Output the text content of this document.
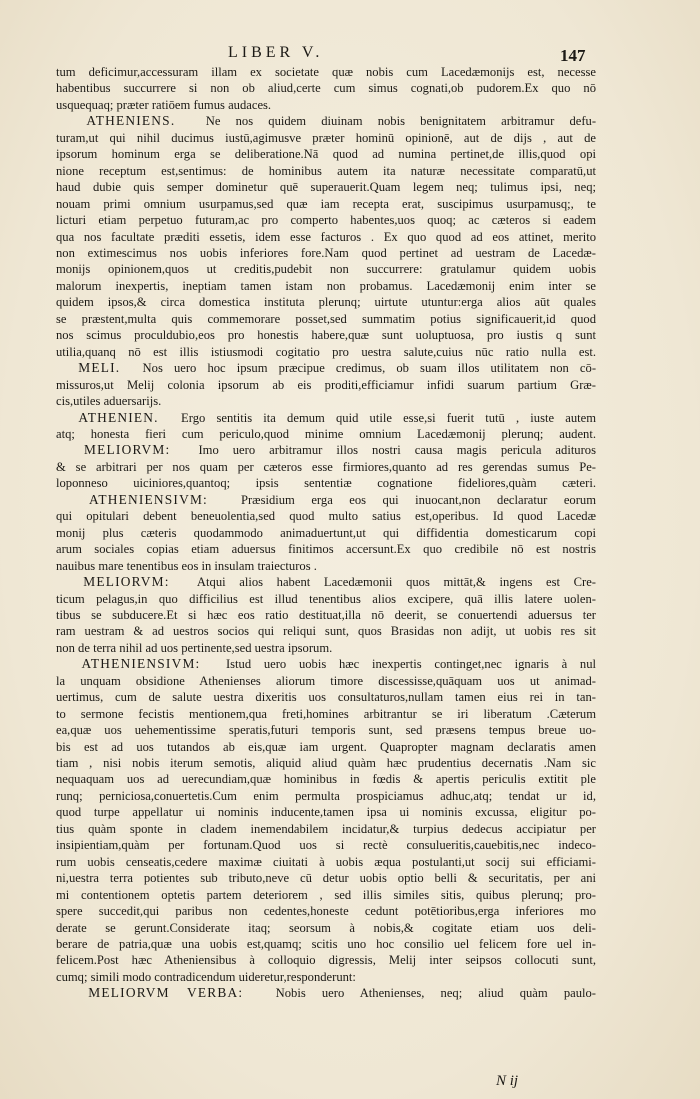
LIBER V.	147
tum deficimur,accessuram illam ex societate quæ nobis cum Lacedæmonijs est, necesse
habentibus succurrere si non ob aliud,certe cum simus cognati,ob pudorem.Ex quo nō
usquequaq; præter ratiōem fumus audaces.
ATHENIENS. Ne nos quidem diuinam nobis benignitatem arbitramur defu-
turam,ut qui nihil ducimus iustū,agimusve præter hominū opinionē, aut de dijs , aut de
ipsorum hominum erga se deliberatione.Nā quod ad numina pertinet,de illis,quod opi
nione receptum est,sentimus: de hominibus autem ita naturæ necessitate comparatū,ut
haud dubie quis semper dominetur quē superauerit.Quam legem neq; tulimus ipsi, neq;
nouam primi omnium usurpamus,sed quæ iam recepta erat, suscipimus usurpamusq;, te
licturi etiam perpetuo futuram,ac pro comperto habentes,uos quoq; ac cæteros si eadem
qua nos facultate præditi essetis, idem esse facturos . Ex quo quod ad eos attinet, merito
non extimescimus nos uobis inferiores fore.Nam quod pertinet ad uestram de Lacedæ-
monijs opinionem,quos ut creditis,pudebit non succurrere: gratulamur quidem uobis
malorum inexpertis, ineptiam tamen istam non probamus. Lacedæmonij enim inter se
quidem ipsos,& circa domestica instituta plerunq; uirtute utuntur:erga alios aūt quales
se præstent,multa quis commemorare posset,sed summatim potius significauerit,id quod
nos scimus proculdubio,eos pro honestis habere,quæ sunt uoluptuosa, pro iustis q sunt
utilia,quanq nō est illis istiusmodi cogitatio pro uestra salute,cuius nūc ratio nulla est.
MELI. Nos uero hoc ipsum præcipue credimus, ob suam illos utilitatem non cō-
missuros,ut Melij colonia ipsorum ab eis proditi,efficiamur infidi suarum partium Græ-
cis,utiles aduersarijs.
ATHENIEN. Ergo sentitis ita demum quid utile esse,si fuerit tutū , iuste autem
atq; honesta fieri cum periculo,quod minime omnium Lacedæmonij plerunq; audent.
MELIORVM: Imo uero arbitramur illos nostri causa magis pericula adituros
& se arbitrari per nos quam per cæteros esse firmiores,quanto ad res gerendas sumus Pe-
loponneso uiciniores,quantoq; ipsis sententiæ cognatione fideliores,quàm cæteri.
ATHENIENSIVM:	Præsidium erga eos qui inuocant,non declaratur eorum
qui opitulari debent beneuolentia,sed quod multo satius est,operibus. Id quod Lacedæ
monij plus cæteris quodammodo animaduertunt,ut qui diffidentia domesticarum copi
arum sociales copias etiam aduersus finitimos accersunt.Ex quo credibile nō est nostris
nauibus mare tenentibus eos in insulam traiecturos .
MELIORVM: Atqui alios habent Lacedæmonii quos mittāt,& ingens est Cre-
ticum pelagus,in quo difficilius est illud tenentibus alios excipere, quā illis latere uolen-
tibus se subducere.Et si hæc eos ratio destituat,illa nō deerit, se conuertendi aduersus ter
ram uestram & ad uestros socios qui reliqui sunt, quos Brasidas non adijt, ut uobis res sit
non de terra nihil ad uos pertinente,sed uestra ipsorum.
ATHENIENSIVM: Istud uero uobis hæc inexpertis continget,nec ignaris à nul
la unquam obsidione Athenienses aliorum timore discessisse,quāquam uos ut animad-
uertimus, cum de salute uestra dixeritis uos consultaturos,nullam tamen eius rei in tan-
to sermone fecistis mentionem,qua freti,homines arbitrantur se iri liberatum .Cæterum
ea,quæ uos uehementissime speratis,futuri temporis sunt, sed præsens tempus breue uo-
bis est ad uos tutandos ab eis,quæ iam urgent. Quapropter magnam declaratis amen
tiam , nisi nobis iterum semotis, aliquid aliud quàm hæc prudentius decernatis .Nam sic
nequaquam uos ad uerecundiam,quæ hominibus in fœdis & apertis periculis extitit ple
runq; perniciosa,conuertetis.Cum enim permulta prospiciamus adhuc,atq; tendat ur id,
quod turpe appellatur ui nominis inducente,tamen ipsa ui nominis excussa, eligitur po-
tius quàm sponte in cladem inemendabilem incidatur,& turpius dedecus accipiatur per
insipientiam,quàm per fortunam.Quod uos si rectè consulueritis,cauebitis,nec indeco-
rum uobis censeatis,cedere maximæ ciuitati à uobis æqua postulanti,ut socij sui efficiami-
ni,uestra terra potientes sub tributo,neve cū detur uobis optio belli & securitatis, per ani
mi contentionem optetis partem deteriorem , sed illis similes sitis, quibus plerunq; pro-
spere succedit,qui paribus non cedentes,honeste cedunt potētioribus,erga inferiores mo
derate se gerunt.Considerate itaq; seorsum à nobis,& cogitate etiam uos deli-
berare de patria,quæ una uobis est,quamq; scitis uno hoc consilio uel felicem fore uel in-
felicem.Post hæc Atheniensibus à colloquio digressis, Melij inter seipsos collocuti sunt,
cumq; simili modo contradicendum uideretur,responderunt:
MELIORVM VERBA:	Nobis uero Athenienses, neq; aliud quàm paulo-
N ij
